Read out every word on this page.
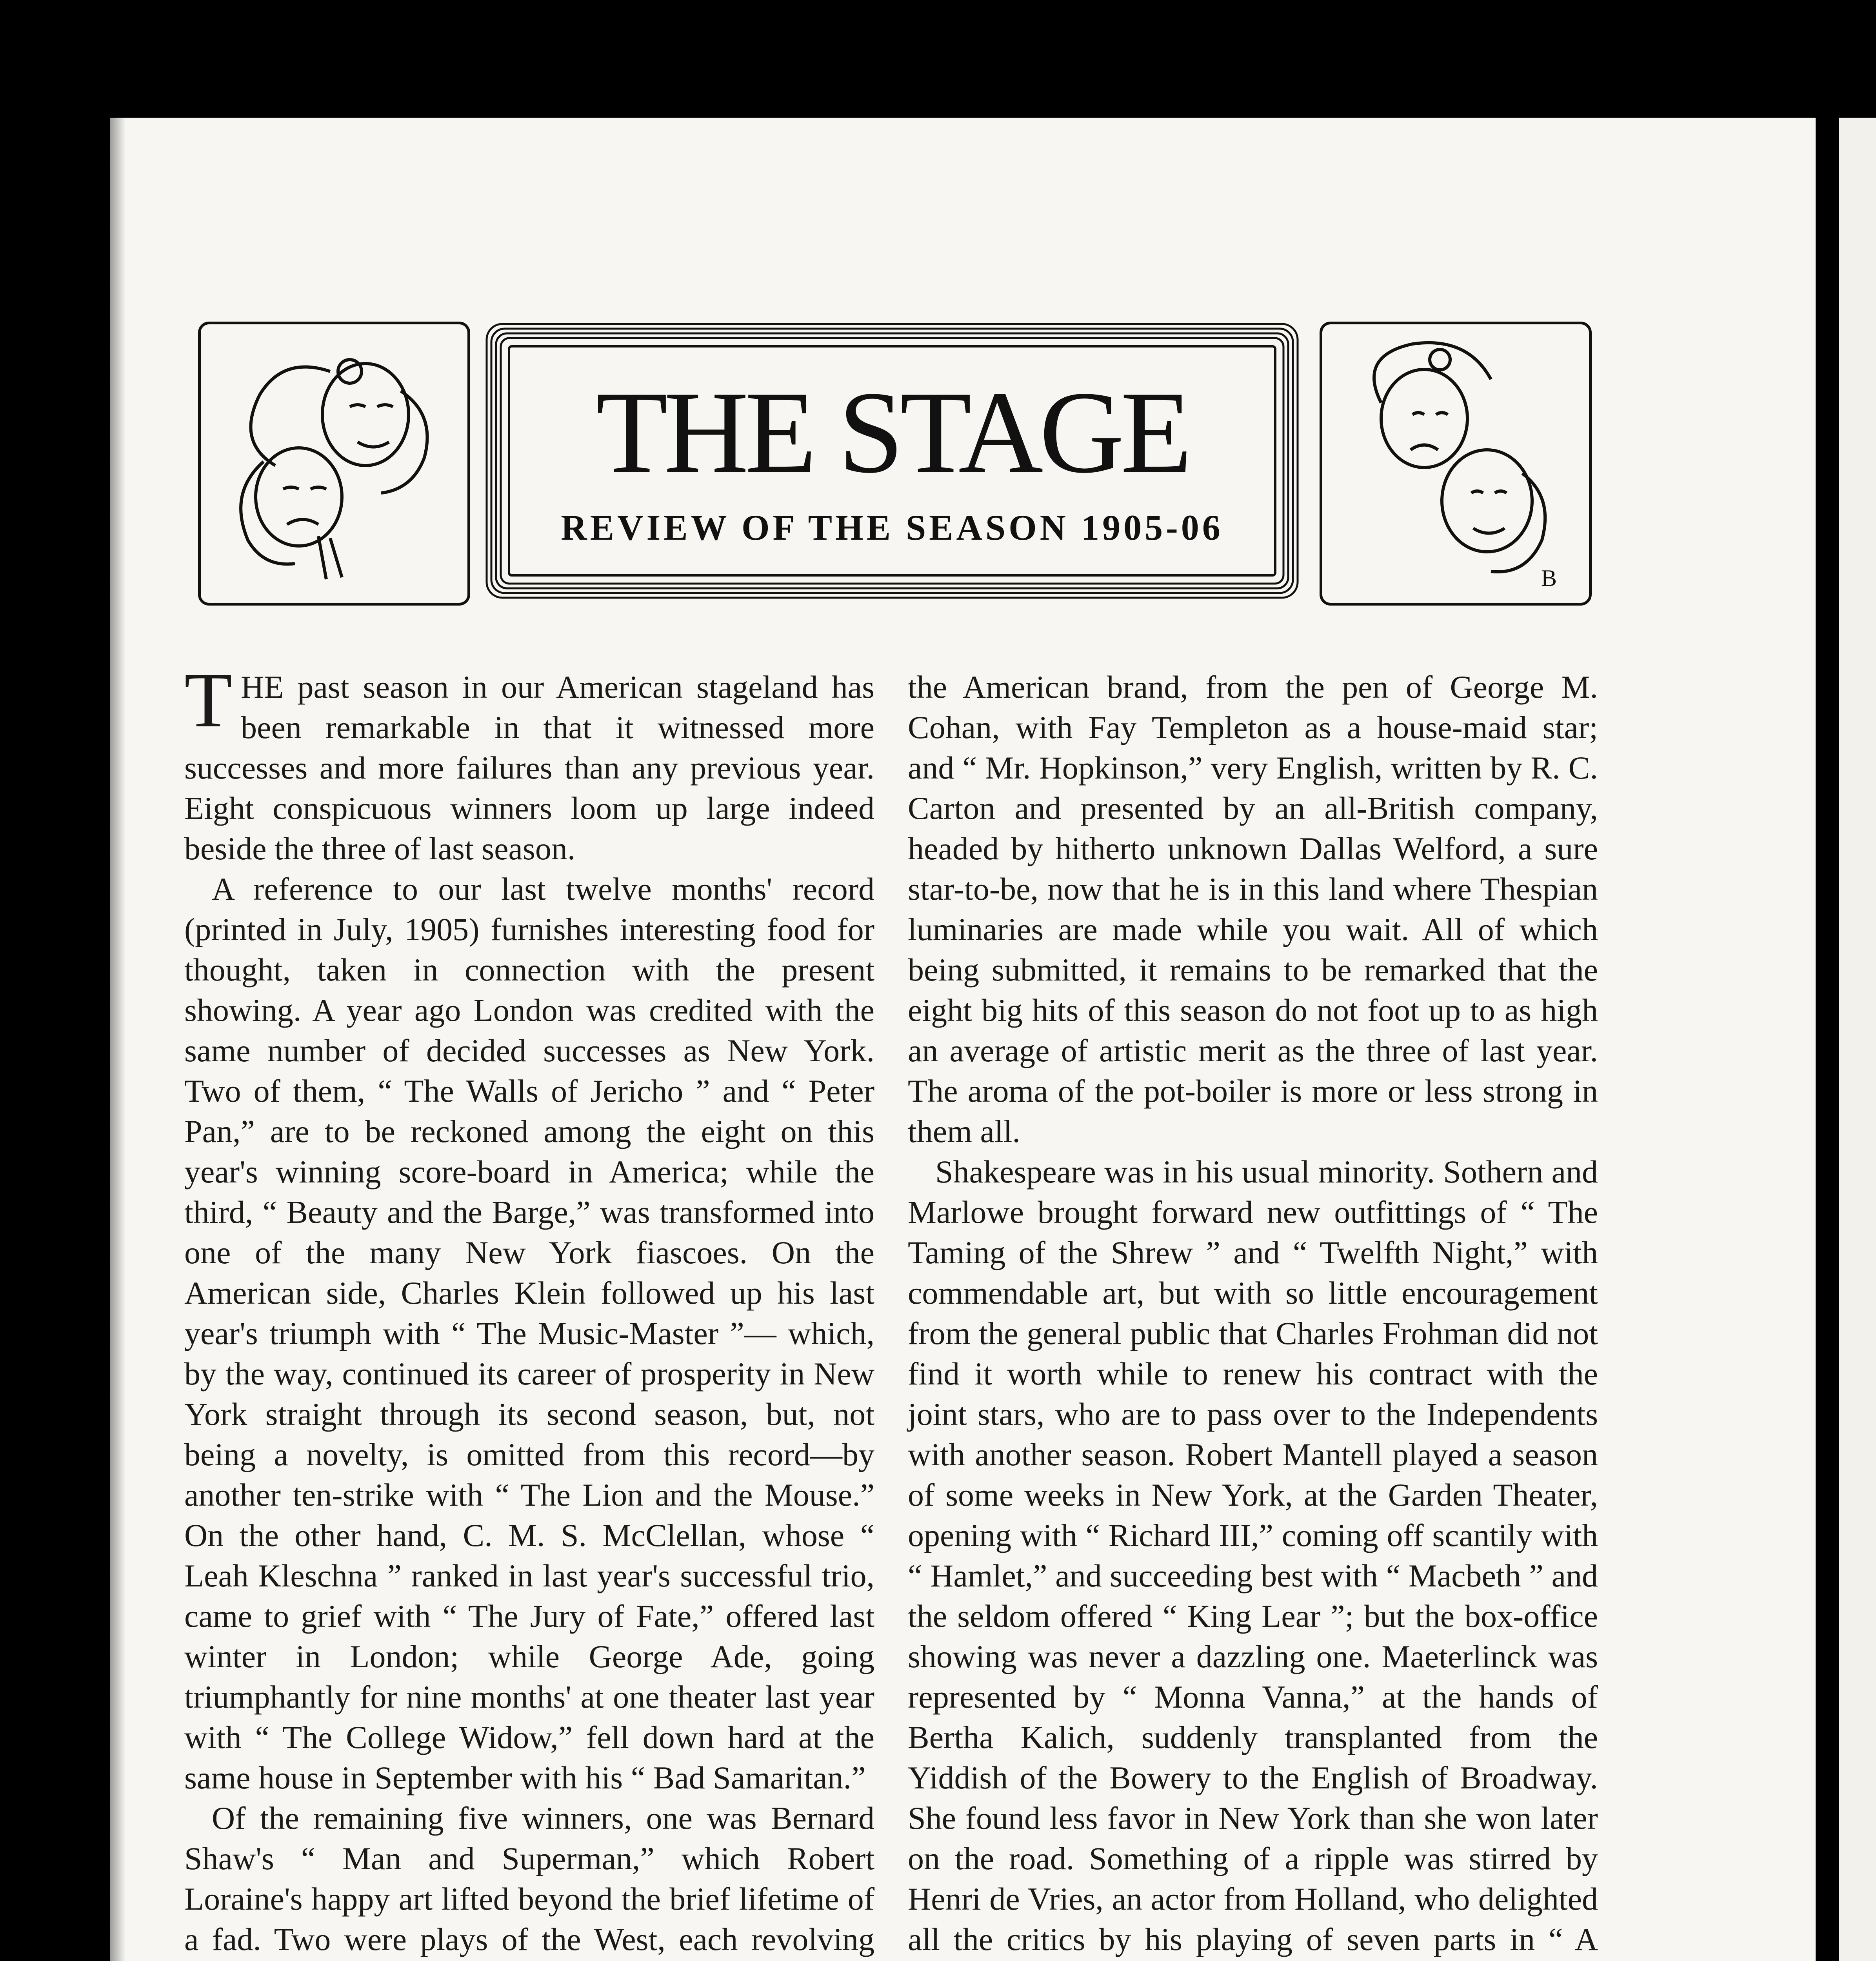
THE STAGE
REVIEW OF THE SEASON 1905-06
B

THE past season in our American stageland has been remarkable in that it witnessed more successes and more failures than any previous year. Eight conspicuous winners loom up large indeed beside the three of last season.

A reference to our last twelve months' record (printed in July, 1905) furnishes interesting food for thought, taken in connection with the present showing. A year ago London was credited with the same number of decided successes as New York. Two of them, “ The Walls of Jericho ” and “ Peter Pan,” are to be reckoned among the eight on this year's winning score-board in America; while the third, “ Beauty and the Barge,” was transformed into one of the many New York fiascoes. On the American side, Charles Klein followed up his last year's triumph with “ The Music-Master ”— which, by the way, continued its career of prosperity in New York straight through its second season, but, not being a novelty, is omitted from this record—by another ten-strike with “ The Lion and the Mouse.” On the other hand, C. M. S. McClellan, whose “ Leah Kleschna ” ranked in last year's successful trio, came to grief with “ The Jury of Fate,” offered last winter in London; while George Ade, going triumphantly for nine months' at one theater last year with “ The College Widow,” fell down hard at the same house in September with his “ Bad Samaritan.”

Of the remaining five winners, one was Bernard Shaw's “ Man and Superman,” which Robert Loraine's happy art lifted beyond the brief lifetime of a fad. Two were plays of the West, each revolving

the American brand, from the pen of George M. Cohan, with Fay Templeton as a house-maid star; and “ Mr. Hopkinson,” very English, written by R. C. Carton and presented by an all-British company, headed by hitherto unknown Dallas Welford, a sure star-to-be, now that he is in this land where Thespian luminaries are made while you wait. All of which being submitted, it remains to be remarked that the eight big hits of this season do not foot up to as high an average of artistic merit as the three of last year. The aroma of the pot-boiler is more or less strong in them all.

Shakespeare was in his usual minority. Sothern and Marlowe brought forward new outfittings of “ The Taming of the Shrew ” and “ Twelfth Night,” with commendable art, but with so little encouragement from the general public that Charles Frohman did not find it worth while to renew his contract with the joint stars, who are to pass over to the Independents with another season. Robert Mantell played a season of some weeks in New York, at the Garden Theater, opening with “ Richard III,” coming off scantily with “ Hamlet,” and succeeding best with “ Macbeth ” and the seldom offered “ King Lear ”; but the box-office showing was never a dazzling one. Maeterlinck was represented by “ Monna Vanna,” at the hands of Bertha Kalich, suddenly transplanted from the Yiddish of the Bowery to the English of Broadway. She found less favor in New York than she won later on the road. Something of a ripple was stirred by Henri de Vries, an actor from Holland, who delighted all the critics by his playing of seven parts in “ A
